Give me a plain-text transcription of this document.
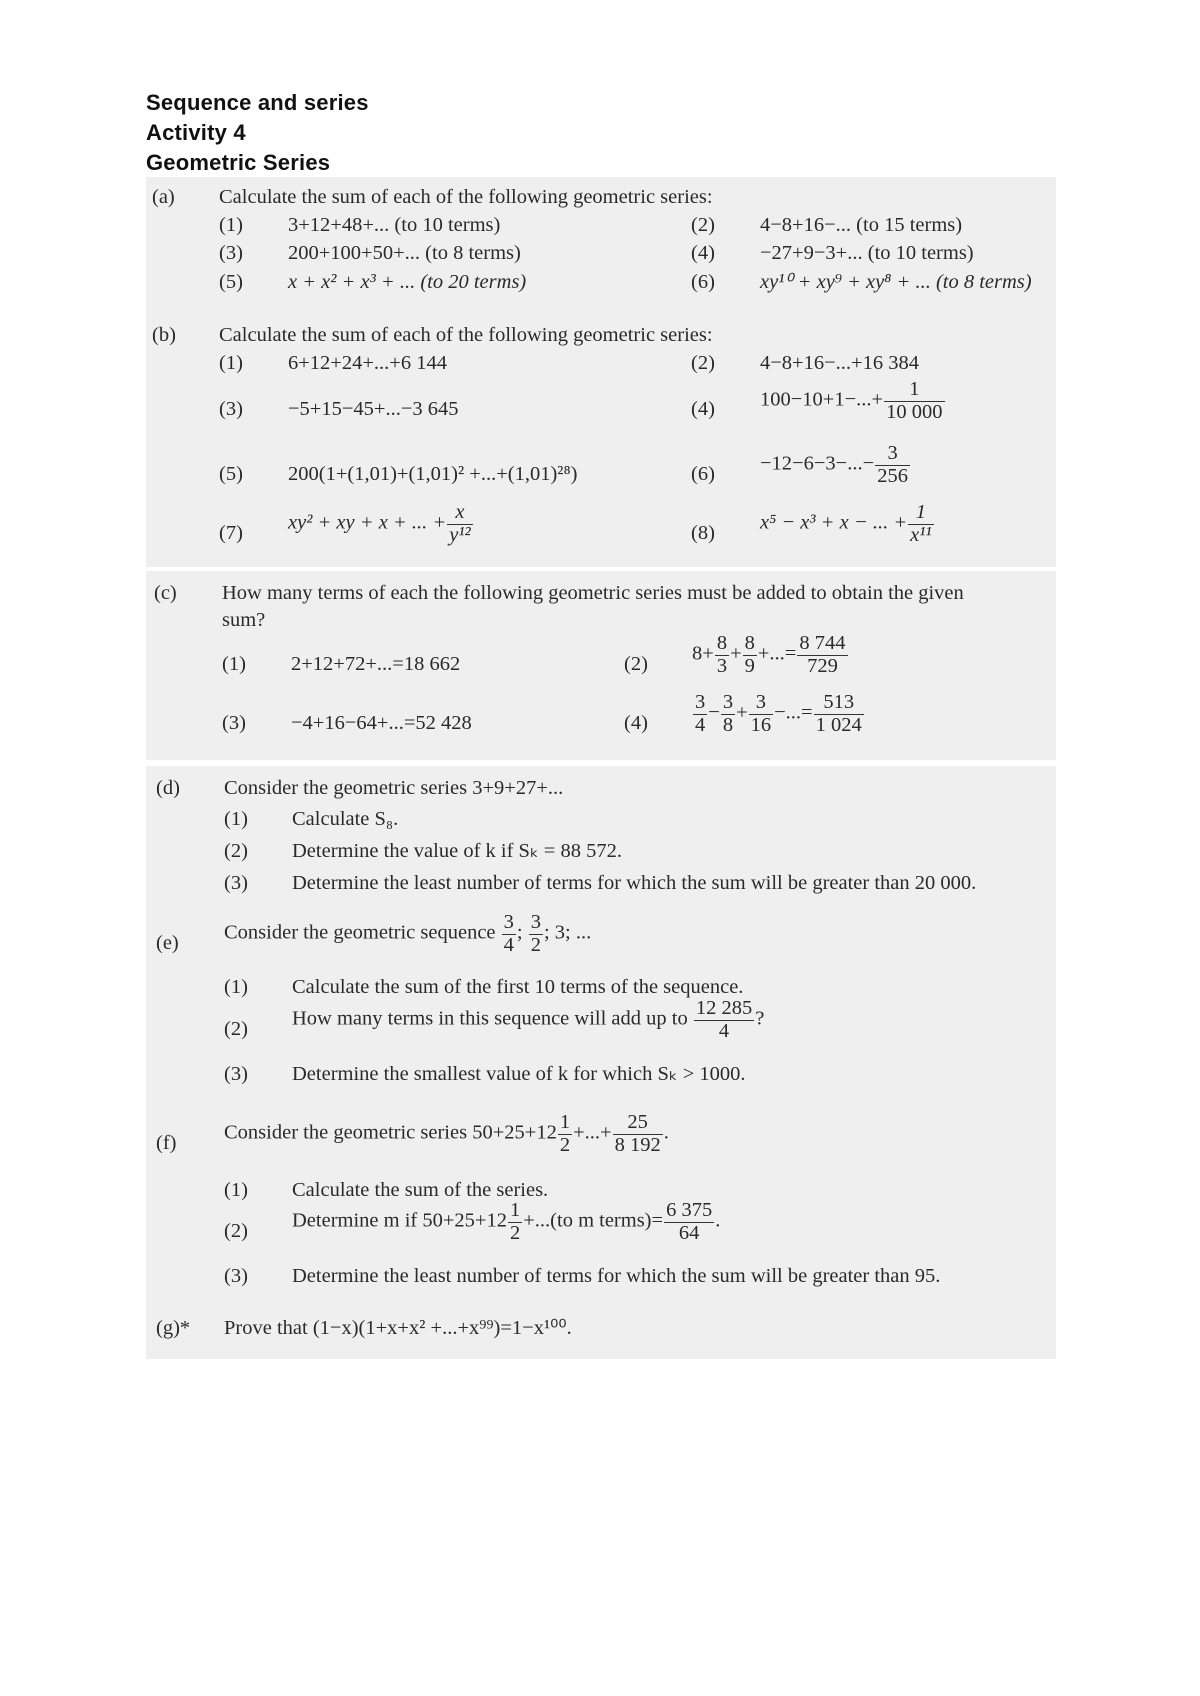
Sequence and series
Activity 4
Geometric Series
(a) Calculate the sum of each of the following geometric series:
(1) 3+12+48+... (to 10 terms)	(2) 4−8+16−... (to 15 terms)
(3) 200+100+50+... (to 8 terms)	(4) −27+9−3+... (to 10 terms)
(5) x + x² + x³ + ... (to 20 terms)	(6) xy¹⁰ + xy⁹ + xy⁸ + ... (to 8 terms)
(b) Calculate the sum of each of the following geometric series:
(1) 6+12+24+...+6 144	(2) 4−8+16−...+16 384
(3) −5+15−45+...−3 645	(4) $100-10+1-...+ \frac{1}{10 000}$
(5) 200(1+(1,01)+(1,01)² +...+(1,01)²⁸)	$(6) -12-6-3-...- \frac{3}{256}$
(7) xy² + xy + x + ... + $\frac{x}{\text{y¹²}}$	(8) x⁵ − x³ + x − ... + $\frac{1}{\text{x¹¹}}$
(c) How many terms of each the following geometric series must be added to obtain the given
sum?
(1) 2+12+72+...=18 662	(2) $8+ \frac{8}{3} + \frac{8}{9}$ +...= $\frac{8 744}{729}$
(3) −4+16−64+...=52 428	$(4) \frac{3}{4} - \frac{3}{8} + \frac{3}{16}$ −...= $\frac{513}{1 024}$
(d) Consider the geometric series 3+9+27+...
(1) Calculate S₈.
(2) Determine the value of k if Sₖ = 88 572.
(3) Determine the least number of terms for which the sum will be greater than 20 000.
(e) Consider the geometric sequence $\frac{3}{4}$ ; $\frac{3}{2}$ ; 3; ...
(1) Calculate the sum of the first 10 terms of the sequence.
(2) How many terms in this sequence will add up to $\frac{12 285}{4}$ ?
(3) Determine the smallest value of k for which Sₖ > 1000.
(f) Consider the geometric series $50+25+12 \frac{1}{2}$ +...+ $\frac{25}{8 192}$ .
(1) Calculate the sum of the series.
(2) Determine m if $50+25+12 \frac{1}{2} +...(to$ m terms)= $\frac{6 375}{64}$ .
(3) Determine the least number of terms for which the sum will be greater than 95.
(g)* Prove that (1−x)(1+x+x² +...+x⁹⁹)=1−x¹⁰⁰.
